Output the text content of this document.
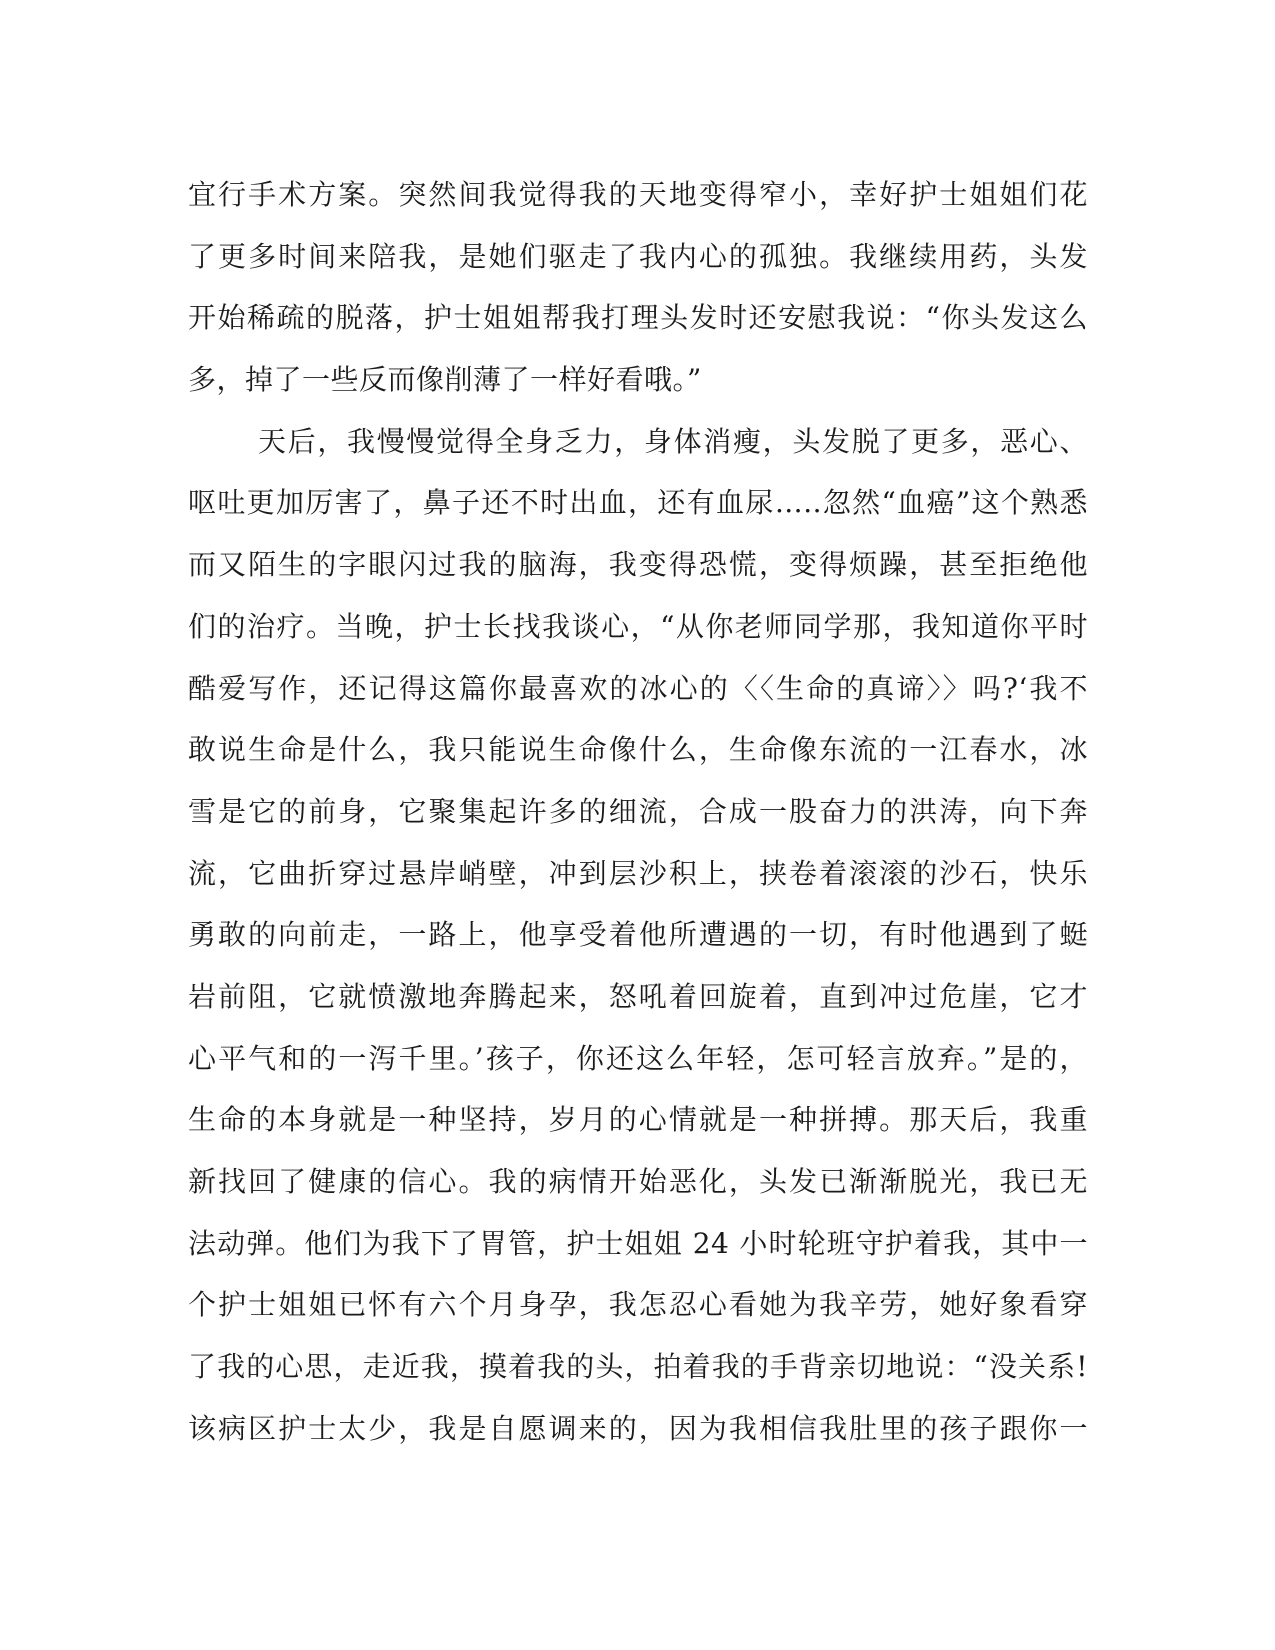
宜行手术方案。突然间我觉得我的天地变得窄小，幸好护士姐姐们花
了更多时间来陪我，是她们驱走了我内心的孤独。我继续用药，头发
开始稀疏的脱落，护士姐姐帮我打理头发时还安慰我说：“你头发这么
多，掉了一些反而像削薄了一样好看哦。”
天后，我慢慢觉得全身乏力，身体消瘦，头发脱了更多，恶心、
呕吐更加厉害了，鼻子还不时出血，还有血尿…..忽然“血癌”这个熟悉
而又陌生的字眼闪过我的脑海，我变得恐慌，变得烦躁，甚至拒绝他
们的治疗。当晚，护士长找我谈心，“从你老师同学那，我知道你平时
酷爱写作，还记得这篇你最喜欢的冰心的〈〈生命的真谛〉〉吗?‘我不
敢说生命是什么，我只能说生命像什么，生命像东流的一江春水，冰
雪是它的前身，它聚集起许多的细流，合成一股奋力的洪涛，向下奔
流，它曲折穿过悬岸峭壁，冲到层沙积上，挟卷着滚滚的沙石，快乐
勇敢的向前走，一路上，他享受着他所遭遇的一切，有时他遇到了蜓
岩前阻，它就愤激地奔腾起来，怒吼着回旋着，直到冲过危崖，它才
心平气和的一泻千里。’孩子，你还这么年轻，怎可轻言放弃。”是的，
生命的本身就是一种坚持，岁月的心情就是一种拼搏。那天后，我重
新找回了健康的信心。我的病情开始恶化，头发已渐渐脱光，我已无
法动弹。他们为我下了胃管，护士姐姐 24 小时轮班守护着我，其中一
个护士姐姐已怀有六个月身孕，我怎忍心看她为我辛劳，她好象看穿
了我的心思，走近我，摸着我的头，拍着我的手背亲切地说：“没关系!
该病区护士太少，我是自愿调来的，因为我相信我肚里的孩子跟你一
